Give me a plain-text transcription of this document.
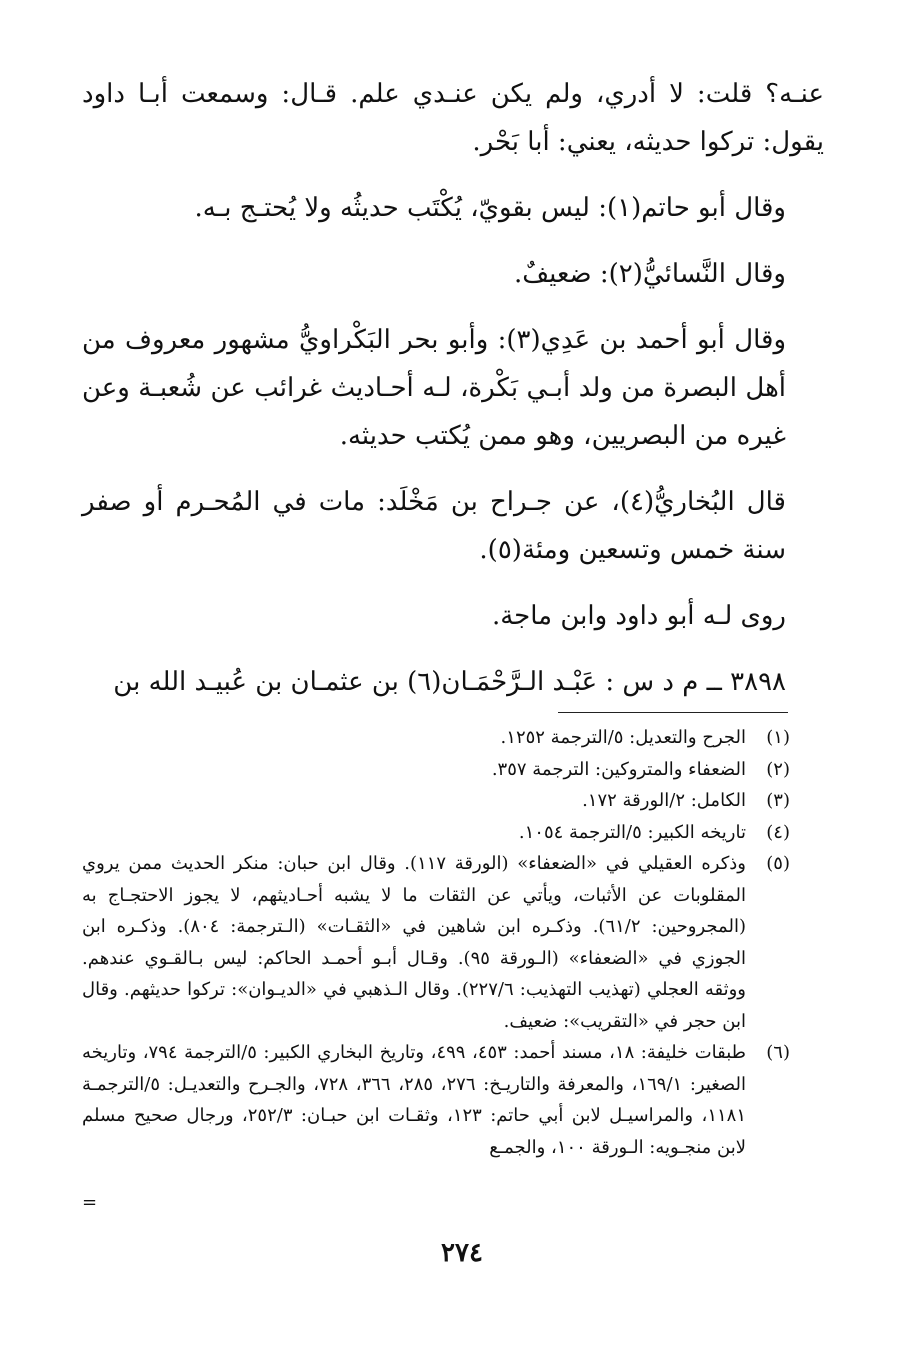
عنـه؟ قلت: لا أدري، ولم يكن عنـدي علم. قـال: وسمعت أبـا داود يقول: تركوا حديثه، يعني: أبا بَحْر.

وقال أبو حاتم(١): ليس بقويّ، يُكْتَب حديثُه ولا يُحتـج بـه.

وقال النَّسائيُّ(٢): ضعيفٌ.

وقال أبو أحمد بن عَدِي(٣): وأبو بحر البَكْراويُّ مشهور معروف من أهل البصرة من ولد أبـي بَكْرة، لـه أحـاديث غرائب عن شُعبـة وعن غيره من البصريين، وهو ممن يُكتب حديثه.

قال البُخاريُّ(٤)، عن جـراح بن مَخْلَد: مات في المُحـرم أو صفر سنة خمس وتسعين ومئة(٥).

روى لـه أبو داود وابن ماجة.

٣٨٩٨ ــ م د س : عَبْـد الـرَّحْمَـان(٦) بن عثمـان بن عُبيـد الله بن

(١)
الجرح والتعديل: ٥/الترجمة ١٢٥٢.
(٢)
الضعفاء والمتروكين: الترجمة ٣٥٧.
(٣)
الكامل: ٢/الورقة ١٧٢.
(٤)
تاريخه الكبير: ٥/الترجمة ١٠٥٤.
(٥)
وذكره العقيلي في «الضعفاء» (الورقة ١١٧). وقال ابن حبان: منكر الحديث ممن يروي المقلوبات عن الأثبات، ويأتي عن الثقات ما لا يشبه أحـاديثهم، لا يجوز الاحتجـاج به (المجروحين: ٦١/٢). وذكـره ابن شاهين في «الثقـات» (الـترجمة: ٨٠٤). وذكـره ابن الجوزي في «الضعفاء» (الـورقة ٩٥). وقـال أبـو أحمـد الحاكم: ليس بـالقـوي عندهم. ووثقه العجلي (تهذيب التهذيب: ٢٢٧/٦). وقال الـذهبي في «الديـوان»: تركوا حديثهم. وقال ابن حجر في «التقريب»: ضعيف.
(٦)
طبقات خليفة: ١٨، مسند أحمد: ٤٥٣، ٤٩٩، وتاريخ البخاري الكبير: ٥/الترجمة ٧٩٤، وتاريخه الصغير: ١٦٩/١، والمعرفة والتاريـخ: ٢٧٦، ٢٨٥، ٣٦٦، ٧٢٨، والجـرح والتعديـل: ٥/الترجمـة ١١٨١، والمراسيـل لابن أبي حاتم: ١٢٣، وثقـات ابن حبـان: ٢٥٢/٣، ورجال صحيح مسلم لابن منجـويه: الـورقة ١٠٠، والجمـع
=
٢٧٤
